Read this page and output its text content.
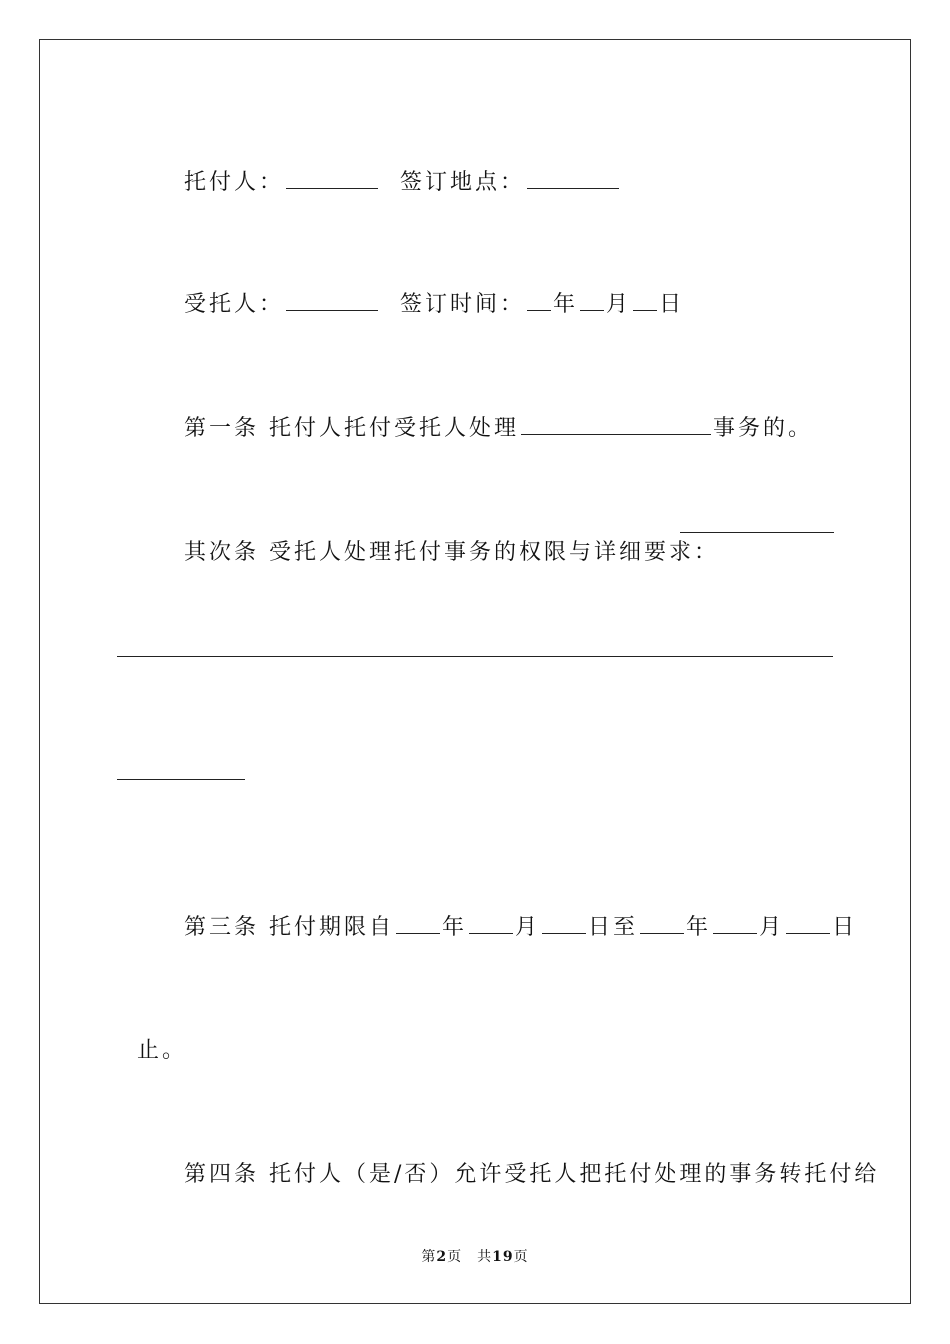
托付人：	签订地点：

受托人：	签订时间： 年 月 日

第一条 托付人托付受托人处理	事务的。

其次条 受托人处理托付事务的权限与详细要求：

第三条 托付期限自 年 月 日至 年 月 日

止。

第四条 托付人（是/否）允许受托人把托付处理的事务转托付给

第2页　共19页
